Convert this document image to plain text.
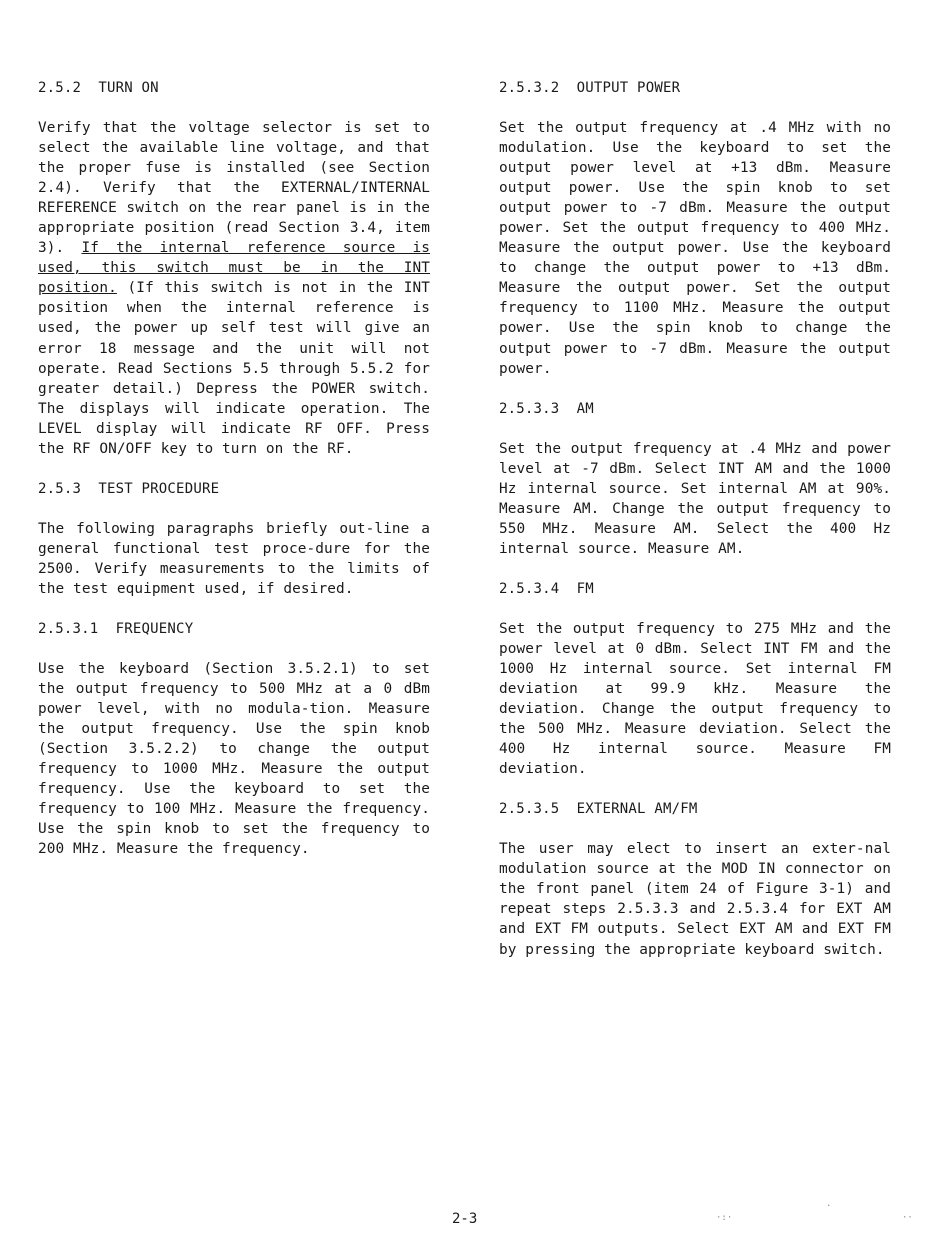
2.5.2  TURN ON

Verify that the voltage selector is set to select the available line voltage, and that the proper fuse is installed (see Section 2.4). Verify that the EXTERNAL/INTERNAL REFERENCE switch on the rear panel is in the appropriate position (read Section 3.4, item 3). If the internal reference source is used, this switch must be in the INT position. (If this switch is not in the INT position when the internal reference is used, the power up self test will give an error 18 message and the unit will not operate. Read Sections 5.5 through 5.5.2 for greater detail.) Depress the POWER switch. The displays will indicate operation. The LEVEL display will indicate RF OFF. Press the RF ON/OFF key to turn on the RF.

2.5.3  TEST PROCEDURE

The following paragraphs briefly out-line a general functional test proce-dure for the 2500. Verify measurements to the limits of the test equipment used, if desired.

2.5.3.1  FREQUENCY

Use the keyboard (Section 3.5.2.1) to set the output frequency to 500 MHz at a 0 dBm power level, with no modula-tion. Measure the output frequency. Use the spin knob (Section 3.5.2.2) to change the output frequency to 1000 MHz. Measure the output frequency. Use the keyboard to set the frequency to 100 MHz. Measure the frequency. Use the spin knob to set the frequency to 200 MHz. Measure the frequency.

2.5.3.2  OUTPUT POWER

Set the output frequency at .4 MHz with no modulation. Use the keyboard to set the output power level at +13 dBm. Measure output power. Use the spin knob to set output power to -7 dBm. Measure the output power. Set the output frequency to 400 MHz. Measure the output power. Use the keyboard to change the output power to +13 dBm. Measure the output power. Set the output frequency to 1100 MHz. Measure the output power. Use the spin knob to change the output power to -7 dBm. Measure the output power.

2.5.3.3  AM

Set the output frequency at .4 MHz and power level at -7 dBm. Select INT AM and the 1000 Hz internal source. Set internal AM at 90%. Measure AM. Change the output frequency to 550 MHz. Measure AM. Select the 400 Hz internal source. Measure AM.

2.5.3.4  FM

Set the output frequency to 275 MHz and the power level at 0 dBm. Select INT FM and the 1000 Hz internal source. Set internal FM deviation at 99.9 kHz. Measure the deviation. Change the output frequency to the 500 MHz. Measure deviation. Select the 400 Hz internal source. Measure FM deviation.

2.5.3.5  EXTERNAL AM/FM

The user may elect to insert an exter-nal modulation source at the MOD IN connector on the front panel (item 24 of Figure 3-1) and repeat steps 2.5.3.3 and 2.5.3.4 for EXT AM and EXT FM outputs. Select EXT AM and EXT FM by pressing the appropriate keyboard switch.

2-3	·:·
.
··
